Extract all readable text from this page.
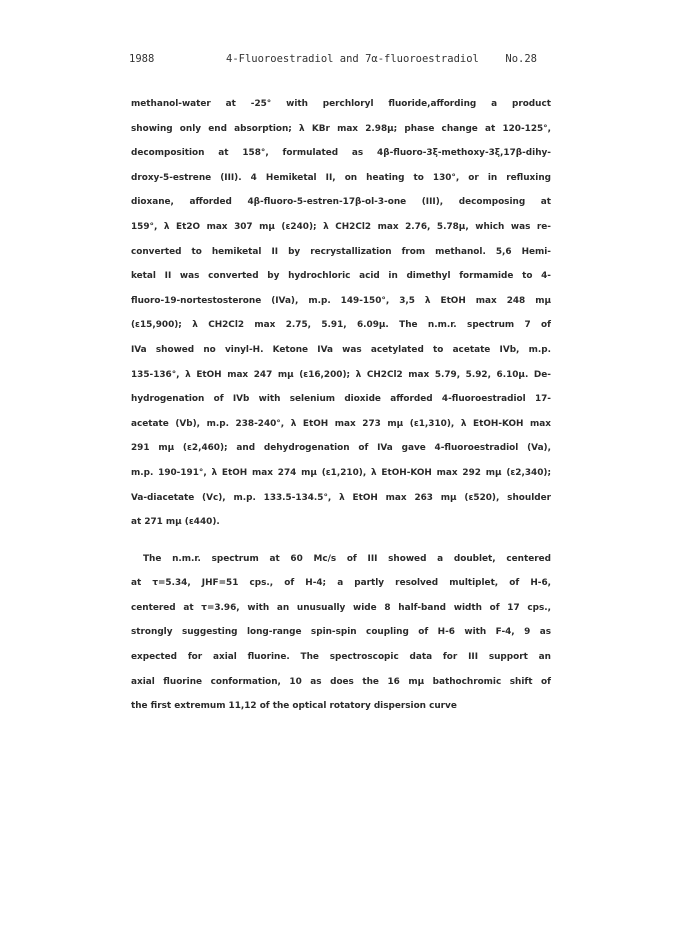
1988	4-Fluoroestradiol and 7α-fluoroestradiol	No.28
methanol-water at -25° with perchloryl fluoride,affording a product
showing only end absorption; λ KBr max 2.98μ; phase change at 120-125°,
decomposition at 158°, formulated as 4β-fluoro-3ξ-methoxy-3ξ,17β-dihy-
droxy-5-estrene (III). 4 Hemiketal II, on heating to 130°, or in refluxing
dioxane, afforded 4β-fluoro-5-estren-17β-ol-3-one (III), decomposing at
159°, λ Et2O max 307 mμ (ε240); λ CH2Cl2 max 2.76, 5.78μ, which was re-
converted to hemiketal II by recrystallization from methanol. 5,6 Hemi-
ketal II was converted by hydrochloric acid in dimethyl formamide to 4-
fluoro-19-nortestosterone (IVa), m.p. 149-150°, 3,5 λ EtOH max 248 mμ
(ε15,900); λ CH2Cl2 max 2.75, 5.91, 6.09μ. The n.m.r. spectrum 7 of
IVa showed no vinyl-H. Ketone IVa was acetylated to acetate IVb, m.p.
135-136°, λ EtOH max 247 mμ (ε16,200); λ CH2Cl2 max 5.79, 5.92, 6.10μ. De-
hydrogenation of IVb with selenium dioxide afforded 4-fluoroestradiol 17-
acetate (Vb), m.p. 238-240°, λ EtOH max 273 mμ (ε1,310), λ EtOH-KOH max
291 mμ (ε2,460); and dehydrogenation of IVa gave 4-fluoroestradiol (Va),
m.p. 190-191°, λ EtOH max 274 mμ (ε1,210), λ EtOH-KOH max 292 mμ (ε2,340);
Va-diacetate (Vc), m.p. 133.5-134.5°, λ EtOH max 263 mμ (ε520), shoulder
at 271 mμ (ε440).
The n.m.r. spectrum at 60 Mc/s of III showed a doublet, centered
at τ=5.34, JHF=51 cps., of H-4; a partly resolved multiplet, of H-6,
centered at τ=3.96, with an unusually wide 8 half-band width of 17 cps.,
strongly suggesting long-range spin-spin coupling of H-6 with F-4, 9 as
expected for axial fluorine. The spectroscopic data for III support an
axial fluorine conformation, 10 as does the 16 mμ bathochromic shift of
the first extremum 11,12 of the optical rotatory dispersion curve
